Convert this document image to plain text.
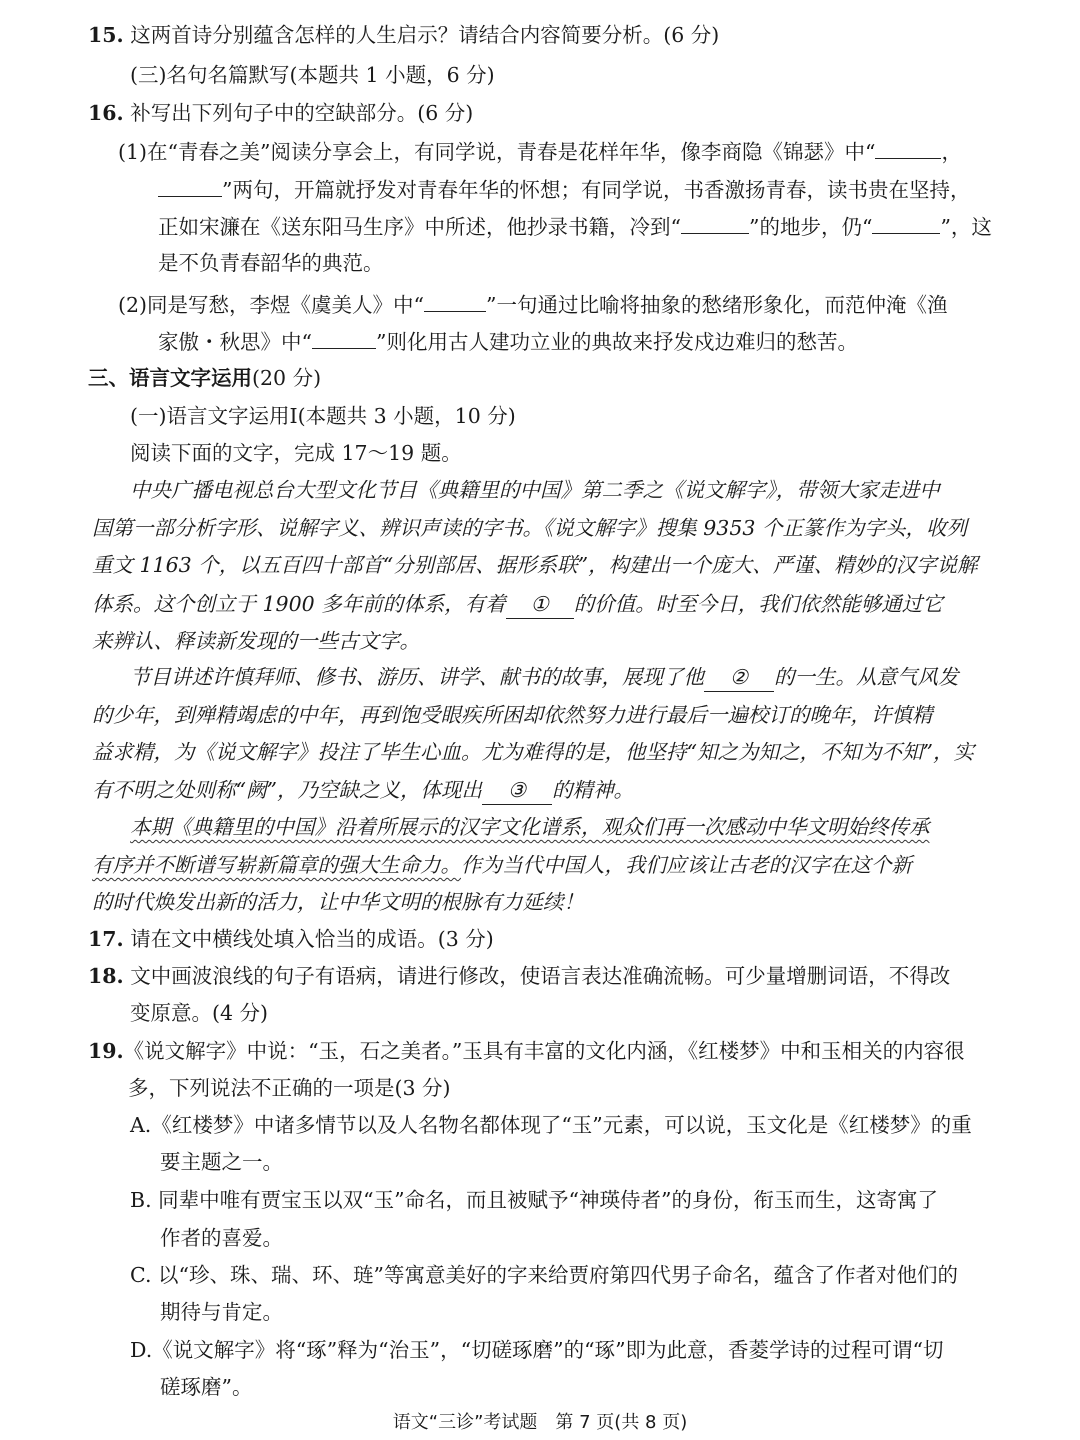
15. 这两首诗分别蕴含怎样的人生启示？请结合内容简要分析。(6 分)
(三)名句名篇默写(本题共 1 小题，6 分)
16. 补写出下列句子中的空缺部分。(6 分)
(1)在“青春之美”阅读分享会上，有同学说，青春是花样年华，像李商隐《锦瑟》中“	，
”两句，开篇就抒发对青春年华的怀想；有同学说，书香激扬青春，读书贵在坚持，
正如宋濂在《送东阳马生序》中所述，他抄录书籍，冷到“	”的地步，仍“	”，这
是不负青春韶华的典范。
(2)同是写愁，李煜《虞美人》中“	”一句通过比喻将抽象的愁绪形象化，而范仲淹《渔
家傲・秋思》中“	”则化用古人建功立业的典故来抒发戍边难归的愁苦。
三、语言文字运用(20 分)
(一)语言文字运用Ⅰ(本题共 3 小题，10 分)
阅读下面的文字，完成 17～19 题。
中央广播电视总台大型文化节目《典籍里的中国》第二季之《说文解字》，带领大家走进中
国第一部分析字形、说解字义、辨识声读的字书。《说文解字》搜集 9353 个正篆作为字头，收列
重文 1163 个，以五百四十部首“分别部居、据形系联”，构建出一个庞大、严谨、精妙的汉字说解
体系。这个创立于 1900 多年前的体系，有着 ① 的价值。时至今日，我们依然能够通过它
来辨认、释读新发现的一些古文字。
节目讲述许慎拜师、修书、游历、讲学、献书的故事，展现了他 ② 的一生。从意气风发
的少年，到殚精竭虑的中年，再到饱受眼疾所困却依然努力进行最后一遍校订的晚年，许慎精
益求精，为《说文解字》投注了毕生心血。尤为难得的是，他坚持“知之为知之，不知为不知”，实
有不明之处则称“阙”，乃空缺之义，体现出 ③ 的精神。
本期《典籍里的中国》沿着所展示的汉字文化谱系，观众们再一次感动中华文明始终传承
有序并不断谱写崭新篇章的强大生命力。作为当代中国人，我们应该让古老的汉字在这个新
的时代焕发出新的活力，让中华文明的根脉有力延续！
17. 请在文中横线处填入恰当的成语。(3 分)
18. 文中画波浪线的句子有语病，请进行修改，使语言表达准确流畅。可少量增删词语，不得改
变原意。(4 分)
19.《说文解字》中说：“玉，石之美者。”玉具有丰富的文化内涵，《红楼梦》中和玉相关的内容很
多，下列说法不正确的一项是(3 分)
A.《红楼梦》中诸多情节以及人名物名都体现了“玉”元素，可以说，玉文化是《红楼梦》的重
要主题之一。
B. 同辈中唯有贾宝玉以双“玉”命名，而且被赋予“神瑛侍者”的身份，衔玉而生，这寄寓了
作者的喜爱。
C. 以“珍、珠、瑞、环、琏”等寓意美好的字来给贾府第四代男子命名，蕴含了作者对他们的
期待与肯定。
D.《说文解字》将“琢”释为“治玉”，“切磋琢磨”的“琢”即为此意，香菱学诗的过程可谓“切
磋琢磨”。
语文“三诊”考试题　第 7 页(共 8 页)
